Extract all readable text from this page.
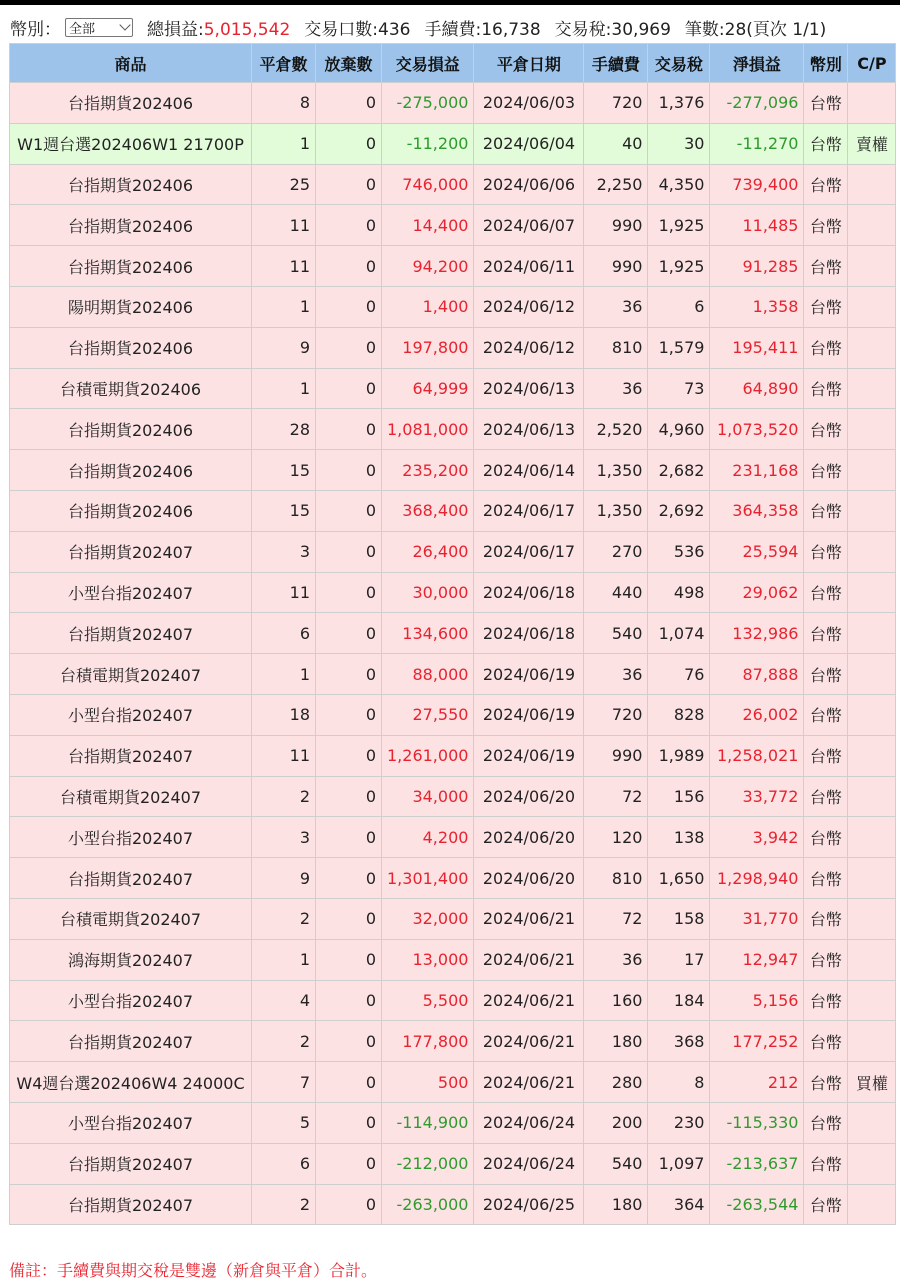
幣別： 全部	總損益:5,015,542 交易口數:436 手續費:16,738 交易稅:30,969 筆數:28(頁次 1/1)
商品	平倉數	放棄數	交易損益	平倉日期	手續費	交易稅	淨損益	幣別	C/P
台指期貨202406	8	0	-275,000	2024/06/03	720	1,376	-277,096	台幣	
W1週台選202406W1 21700P	1	0	-11,200	2024/06/04	40	30	-11,270	台幣	賣權
台指期貨202406	25	0	746,000	2024/06/06	2,250	4,350	739,400	台幣	
台指期貨202406	11	0	14,400	2024/06/07	990	1,925	11,485	台幣	
台指期貨202406	11	0	94,200	2024/06/11	990	1,925	91,285	台幣	
陽明期貨202406	1	0	1,400	2024/06/12	36	6	1,358	台幣	
台指期貨202406	9	0	197,800	2024/06/12	810	1,579	195,411	台幣	
台積電期貨202406	1	0	64,999	2024/06/13	36	73	64,890	台幣	
台指期貨202406	28	0	1,081,000	2024/06/13	2,520	4,960	1,073,520	台幣	
台指期貨202406	15	0	235,200	2024/06/14	1,350	2,682	231,168	台幣	
台指期貨202406	15	0	368,400	2024/06/17	1,350	2,692	364,358	台幣	
台指期貨202407	3	0	26,400	2024/06/17	270	536	25,594	台幣	
小型台指202407	11	0	30,000	2024/06/18	440	498	29,062	台幣	
台指期貨202407	6	0	134,600	2024/06/18	540	1,074	132,986	台幣	
台積電期貨202407	1	0	88,000	2024/06/19	36	76	87,888	台幣	
小型台指202407	18	0	27,550	2024/06/19	720	828	26,002	台幣	
台指期貨202407	11	0	1,261,000	2024/06/19	990	1,989	1,258,021	台幣	
台積電期貨202407	2	0	34,000	2024/06/20	72	156	33,772	台幣	
小型台指202407	3	0	4,200	2024/06/20	120	138	3,942	台幣	
台指期貨202407	9	0	1,301,400	2024/06/20	810	1,650	1,298,940	台幣	
台積電期貨202407	2	0	32,000	2024/06/21	72	158	31,770	台幣	
鴻海期貨202407	1	0	13,000	2024/06/21	36	17	12,947	台幣	
小型台指202407	4	0	5,500	2024/06/21	160	184	5,156	台幣	
台指期貨202407	2	0	177,800	2024/06/21	180	368	177,252	台幣	
W4週台選202406W4 24000C	7	0	500	2024/06/21	280	8	212	台幣	買權
小型台指202407	5	0	-114,900	2024/06/24	200	230	-115,330	台幣	
台指期貨202407	6	0	-212,000	2024/06/24	540	1,097	-213,637	台幣	
台指期貨202407	2	0	-263,000	2024/06/25	180	364	-263,544	台幣	
備註：手續費與期交稅是雙邊（新倉與平倉）合計。
